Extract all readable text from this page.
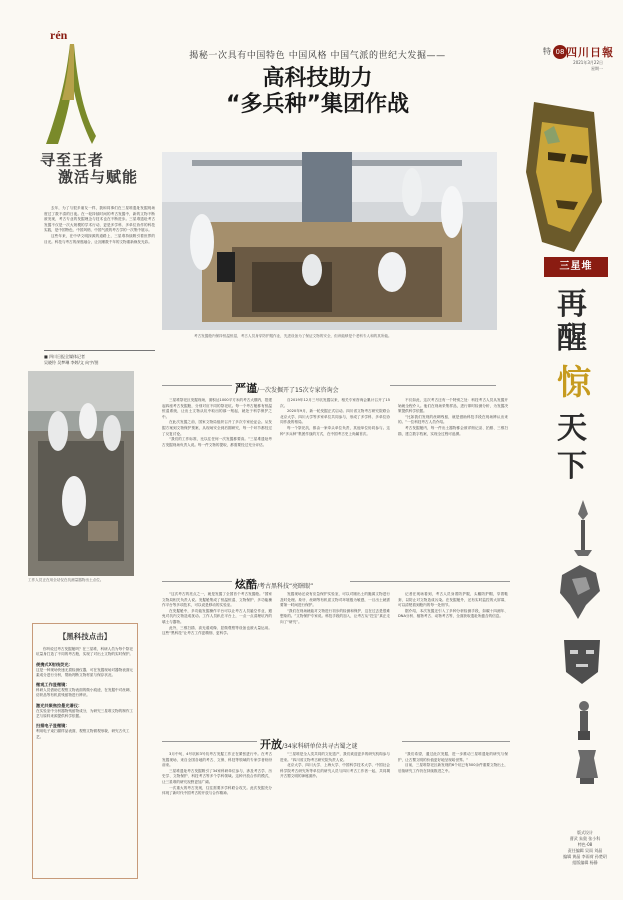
rén
寻至王者
激活与赋能

去年，为了与很多朋友一样，我和同事们在三星堆遗址发掘现场度过了数不清的日夜。在一轮持续时间的考古发掘中，新的文物不断被发现，考古专业的发掘理念与技术也在不断进步。三星堆遗址考古发掘不仅是一次大规模的学术行动，更是多学科、多单位协作的科技实践，是中国特色、中国风格、中国气派的考古学的一次集中展示。

这些年来，在中华文明探源的道路上，三星堆持续吸引着世界的目光。科技与考古的深度融合，让沉睡数千年的文物重新焕发光彩。

■ 四川日报全媒体记者
吴晓铃 吴梦琳 李婷/文 向宇/图
工作人员正在用全站仪在坑测量器物出土点位。
【黑科技点击】

你听说过考古发掘舱吗？在三星堆，科研人员为每个祭祀坑量身打造了不同的考古舱，实现了对出土文物的实时保护。

便携式X射线荧光：

这是一种现场快速无损检测仪器，可在发掘现场对器物表面元素成分进行分析，帮助判断文物材质与保存状况。

微观工作显微镜：

科研人员借助它观察文物表面的微小痕迹，在发掘中对丝绸、纺织品等有机质残留物进行辨识。

激光共聚焦拉曼光谱仪：

在实验室中分析器物残留物成分，为研究三星堆文物的制作工艺与原料来源提供科学依据。

扫描电子显微镜：

利用电子束扫描样品表面，观察文物微观形貌，研究古代工艺。

揭秘一次具有中国特色 中国风格 中国气派的世纪大发掘——
高科技助力
“多兵种”集团作战
特 08 四川日報
2021年3月22日
星期一
考古发掘舱内保持恒温恒湿，考古人员身穿防护服作业，先进设备为了保证文物的安全，但该能够是个老科专人和的其所能。
严谨/一次发掘开了15次专家咨询会

三星堆祭祀区发掘现场，面积达1000平方米的考古大棚内，搭建起四座考古发掘舱，分别对应不同的祭祀坑。每一个考古舱都有恒温恒湿系统，让出土文物从坑中取出的那一刻起，就处于科学保护之中。

在此次发掘之前，国家文物局组织召开了多次专家论证会。从发掘方案到文物保护预案，从现场安全到后期研究，每一个环节都经过了反复讨论。

“我们的工作标准，比以往任何一次发掘都要高。”三星堆遗址考古发掘现场负责人说。每一件文物的提取，都需要经过充分评估。

自2019年12月三号坑发掘以来，相关专家咨询会累计召开了15次。

2020年9月，新一轮发掘正式启动。四川省文物考古研究院联合北京大学、四川大学等多家单位共同参与，形成了多学科、多单位协同作战的格局。

每一个祭祀坑，都由一家牵头单位负责，其他单位协同参与。这种“多兵种”集团作战的方式，在中国考古史上尚属首次。

不仅如此，这次考古还有一个特别之处：科技考古人员从发掘开始就全程介入。他们在现场采集样品，进行即时检测分析，为发掘决策提供科学依据。

“比如我们发现的丝绸残留，就是借助科技手段在现场辨认出来的。”一位科技考古人员介绍。

考古发掘舱内，每一件出土器物都会被详细记录、拍照、三维扫描，建立数字档案，实现全过程可追溯。

炫酷/考古黑科技“亮瞎眼”

“这次考古的亮点之一，就是发掘了全国首个考古发掘舱。”国家文物局相关负责人说。发掘舱集成了恒温恒湿、文物保护、多功能操作平台等多项技术，可以说是移动的实验室。

在发掘舱中，多功能发掘操作平台可以让考古人员悬空作业，避免对坑内文物造成扰动。工作人员趴在平台上，一点一点清理坑内的填土与器物。

此外，三维扫描、高光谱成像、显微观察等设备也被大量运用。这些“黑科技”让考古工作更精细、更科学。

发掘现场还设有应急保护实验室，可以对刚出土的脆弱文物进行及时处理。象牙、丝绸等有机质文物对环境极为敏感，一旦出土就需要第一时间进行保护。

“我们在现场就能对文物进行初步的检测和保护，这在过去是很难想象的。”文物保护专家说。科技手段的加入，让考古从“挖宝”真正走向了“研究”。

记者在现场看到，考古人员身着防护服，头戴防护帽，穿着鞋套，以防止对文物造成污染。在发掘舱外，还有实时监控的大屏幕，可以清楚看到舱内的每一处细节。

据介绍，本次发掘还引入了多种分析检测手段，如碳十四测年、DNA分析、植物考古、动物考古等，全面获取遗址所蕴含的信息。

开放/34家科研单位共寻古蜀之谜

3月中旬，4号坑和3号坑考古发掘工作正在紧张进行中。在考古发掘现场，来自全国各地的考古、文保、科技等领域的专家学者纷纷前来。

三星堆遗址考古发掘吸引了34家科研单位参与，涉及考古学、历史学、文物保护、科技考古等多个学科领域。这种开放合作的模式，让三星堆的研究视野更加广阔。

一次重大的考古发现，往往需要多学科联合攻关。此次发掘充分体现了新时代中国考古的开放与合作精神。

“三星堆是全人类共同的文化遗产，我们欢迎更多的研究机构参与进来。”四川省文物考古研究院负责人说。

北京大学、四川大学、上海大学、中国科学技术大学、中国社会科学院考古研究所等单位的研究人员与四川考古工作者一起，共同揭开古蜀文明的神秘面纱。

“我们希望，通过此次发掘，进一步推动三星堆遗址的研究与保护，让古蜀文明的价值更好地呈现给世界。”

目前，三星堆祭祀区新发现的6个坑已有500余件重要文物出土，后续研究工作仍在持续推进之中。

三星堆
再
醒
惊
天
下
版式设计
曹武 朱奥 张小科
特色·08
责任编辑 吴雨 刘晶
编辑 黄晶 李雨荷 孙楚玥
组版编辑 杨静
